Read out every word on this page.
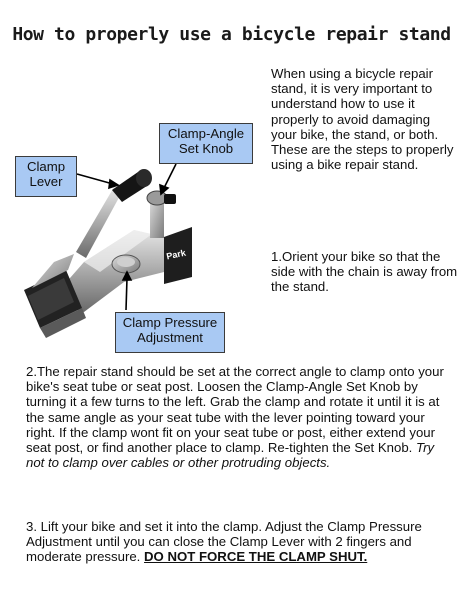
How to properly use a bicycle repair stand
When using a bicycle repair stand, it is very important to understand how to use it properly to avoid damaging your bike, the stand, or both. These are the steps to properly using a bike repair stand.
1.Orient your bike so that the side with the chain is away from the stand.
Park
Clamp-Angle
Set Knob
Clamp
Lever
Clamp Pressure
Adjustment
2.The repair stand should be set at the correct angle to clamp onto your bike's seat tube or seat post. Loosen the Clamp-Angle Set Knob by turning it a few turns to the left. Grab the clamp and rotate it until it is at the same angle as your seat tube with the lever pointing toward your right. If the clamp wont fit on your seat tube or post, either extend your seat post, or find another place to clamp. Re-tighten the Set Knob. Try not to clamp over cables or other protruding objects.
3. Lift your bike and set it into the clamp. Adjust the Clamp Pressure Adjustment until you can close the Clamp Lever with 2 fingers and moderate pressure. DO NOT FORCE THE CLAMP SHUT.
